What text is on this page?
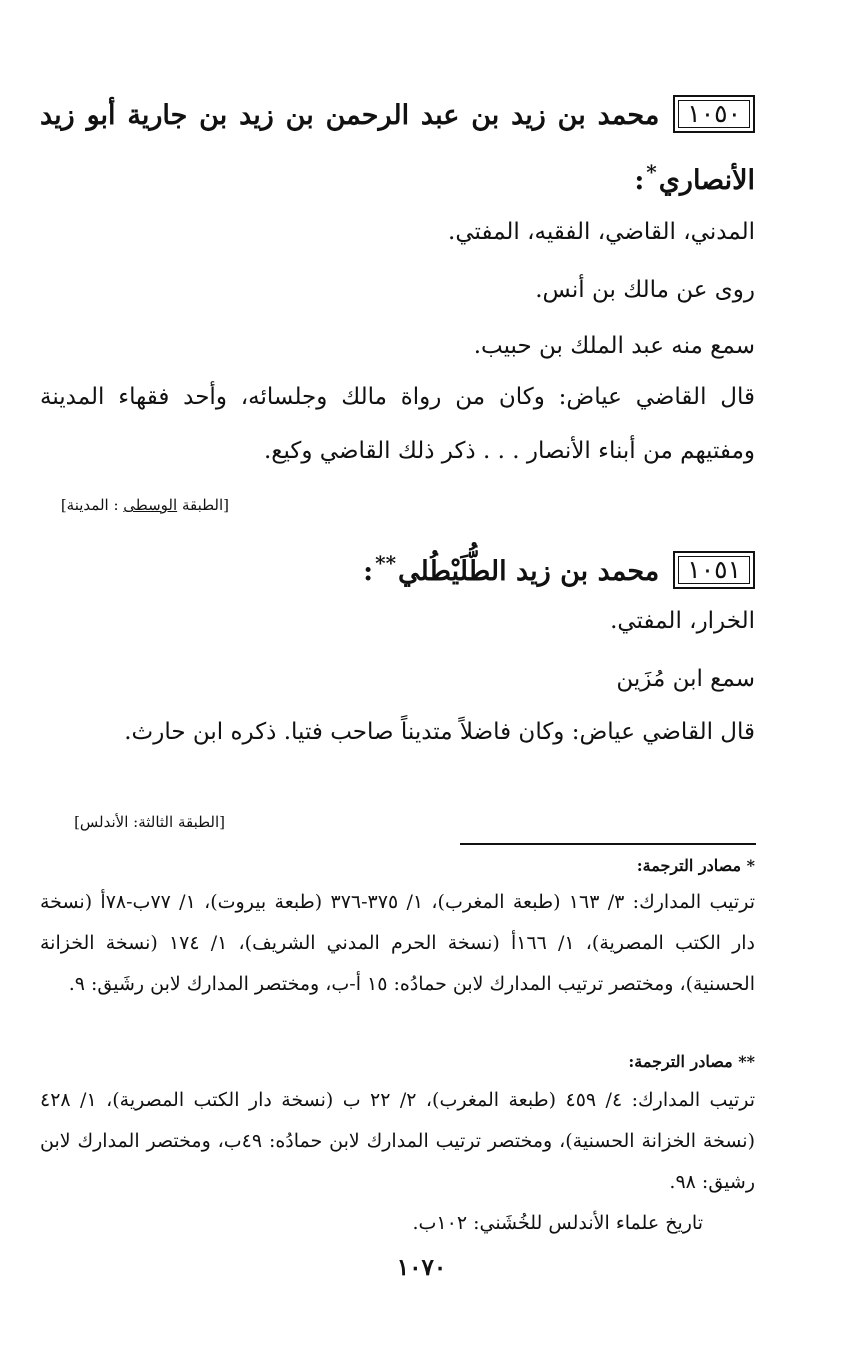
١٠٥٠محمد بن زيد بن عبد الرحمن بن زيد بن جارية أبو زيد الأنصاري*:
المدني، القاضي، الفقيه، المفتي.
روى عن مالك بن أنس.
سمع منه عبد الملك بن حبيب.
قال القاضي عياض: وكان من رواة مالك وجلسائه، وأحد فقهاء المدينة ومفتيهم من أبناء الأنصار . . . ذكر ذلك القاضي وكيع.
[الطبقة الوسطى : المدينة]
١٠٥١محمد بن زيد الطُّلَيْطُلي**:
الخرار، المفتي.
سمع ابن مُزَين
قال القاضي عياض: وكان فاضلاً متديناً صاحب فتيا. ذكره ابن حارث.
[الطبقة الثالثة: الأندلس]
* مصادر الترجمة:
ترتيب المدارك: ٣/ ١٦٣ (طبعة المغرب)، ١/ ٣٧٥-٣٧٦ (طبعة بيروت)، ١/ ٧٧ب-٧٨أ (نسخة دار الكتب المصرية)، ١/ ١٦٦أ (نسخة الحرم المدني الشريف)، ١/ ١٧٤ (نسخة الخزانة الحسنية)، ومختصر ترتيب المدارك لابن حمادُه: ١٥ أ-ب، ومختصر المدارك لابن رشَيق: ٩.
** مصادر الترجمة:
ترتيب المدارك: ٤/ ٤٥٩ (طبعة المغرب)، ٢/ ٢٢ ب (نسخة دار الكتب المصرية)، ١/ ٤٢٨ (نسخة الخزانة الحسنية)، ومختصر ترتيب المدارك لابن حمادُه: ٤٩ب، ومختصر المدارك لابن رشيق: ٩٨.
تاريخ علماء الأندلس للخُشَني: ١٠٢ب.
١٠٧٠
